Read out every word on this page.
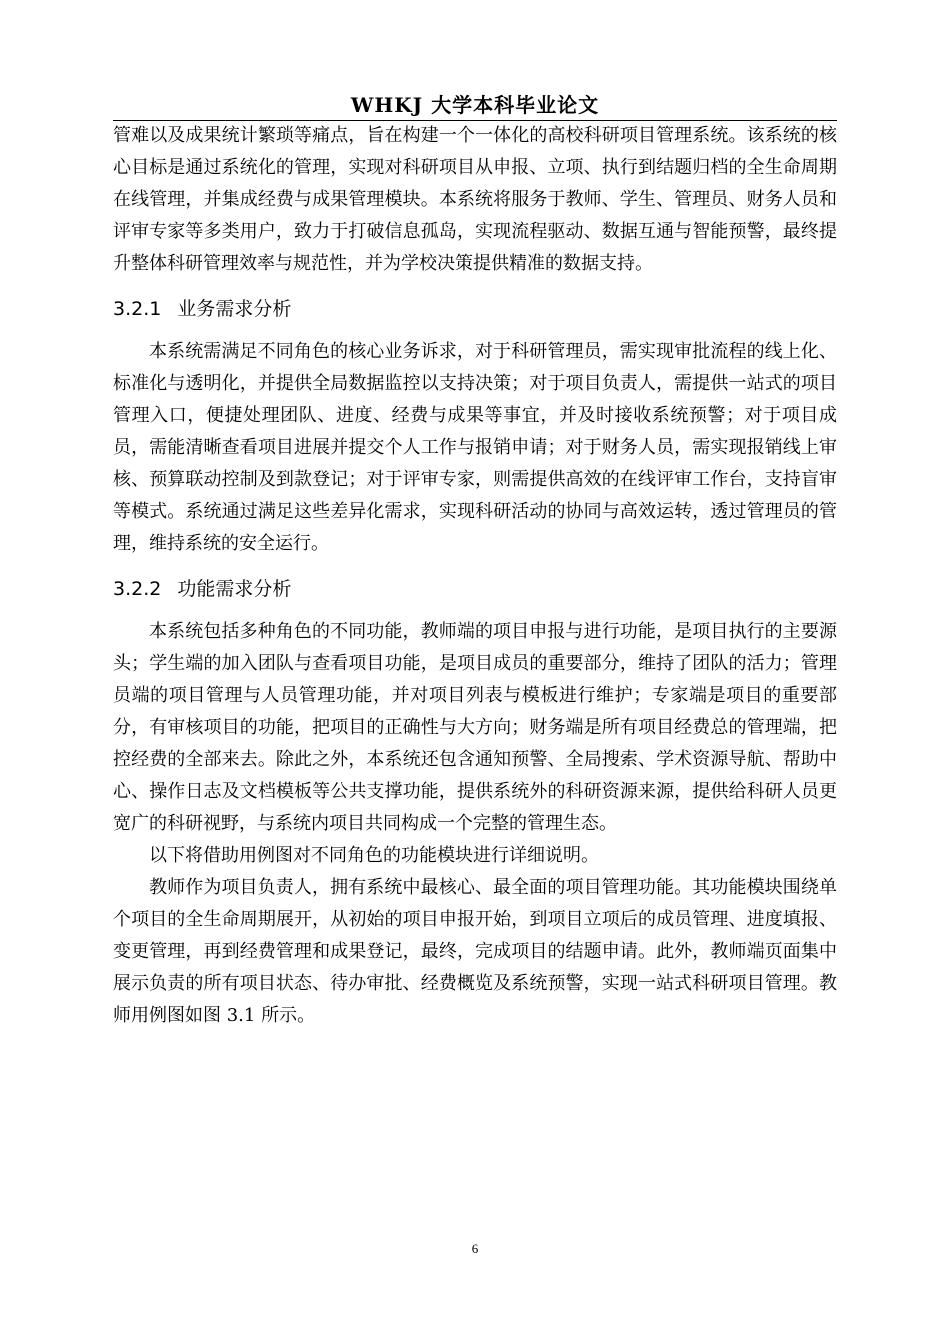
WHKJ 大学本科毕业论文

管难以及成果统计繁琐等痛点，旨在构建一个一体化的高校科研项目管理系统。该系统的核心目标是通过系统化的管理，实现对科研项目从申报、立项、执行到结题归档的全生命周期在线管理，并集成经费与成果管理模块。本系统将服务于教师、学生、管理员、财务人员和评审专家等多类用户，致力于打破信息孤岛，实现流程驱动、数据互通与智能预警，最终提升整体科研管理效率与规范性，并为学校决策提供精准的数据支持。

3.2.1 业务需求分析

本系统需满足不同角色的核心业务诉求，对于科研管理员，需实现审批流程的线上化、标准化与透明化，并提供全局数据监控以支持决策；对于项目负责人，需提供一站式的项目管理入口，便捷处理团队、进度、经费与成果等事宜，并及时接收系统预警；对于项目成员，需能清晰查看项目进展并提交个人工作与报销申请；对于财务人员，需实现报销线上审核、预算联动控制及到款登记；对于评审专家，则需提供高效的在线评审工作台，支持盲审等模式。系统通过满足这些差异化需求，实现科研活动的协同与高效运转，透过管理员的管理，维持系统的安全运行。

3.2.2 功能需求分析

本系统包括多种角色的不同功能，教师端的项目申报与进行功能，是项目执行的主要源头；学生端的加入团队与查看项目功能，是项目成员的重要部分，维持了团队的活力；管理员端的项目管理与人员管理功能，并对项目列表与模板进行维护；专家端是项目的重要部分，有审核项目的功能，把项目的正确性与大方向；财务端是所有项目经费总的管理端，把控经费的全部来去。除此之外，本系统还包含通知预警、全局搜索、学术资源导航、帮助中心、操作日志及文档模板等公共支撑功能，提供系统外的科研资源来源，提供给科研人员更宽广的科研视野，与系统内项目共同构成一个完整的管理生态。

以下将借助用例图对不同角色的功能模块进行详细说明。

教师作为项目负责人，拥有系统中最核心、最全面的项目管理功能。其功能模块围绕单个项目的全生命周期展开，从初始的项目申报开始，到项目立项后的成员管理、进度填报、变更管理，再到经费管理和成果登记，最终，完成项目的结题申请。此外，教师端页面集中展示负责的所有项目状态、待办审批、经费概览及系统预警，实现一站式科研项目管理。教师用例图如图 3.1 所示。

6
